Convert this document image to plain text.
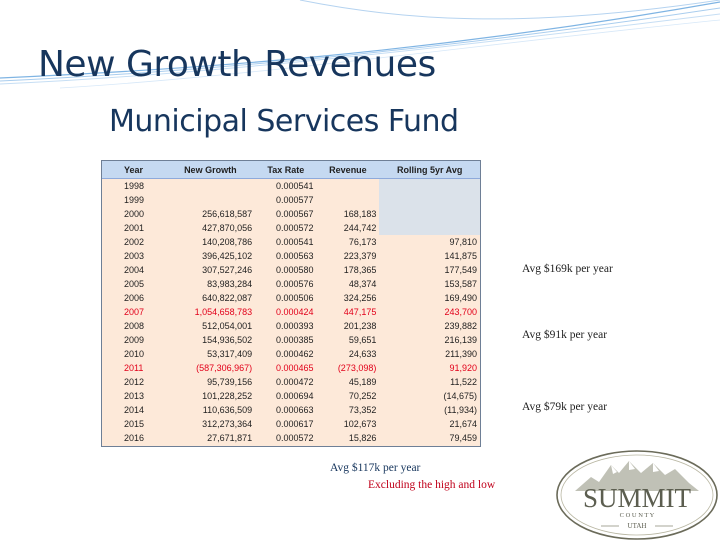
New Growth Revenues
Municipal Services Fund
Year	New Growth	Tax Rate	Revenue	Rolling 5yr Avg
1998		0.000541		
1999		0.000577		
2000	256,618,587	0.000567	168,183	
2001	427,870,056	0.000572	244,742	
2002	140,208,786	0.000541	76,173	97,810
2003	396,425,102	0.000563	223,379	141,875
2004	307,527,246	0.000580	178,365	177,549
2005	83,983,284	0.000576	48,374	153,587
2006	640,822,087	0.000506	324,256	169,490
2007	1,054,658,783	0.000424	447,175	243,700
2008	512,054,001	0.000393	201,238	239,882
2009	154,936,502	0.000385	59,651	216,139
2010	53,317,409	0.000462	24,633	211,390
2011	(587,306,967)	0.000465	(273,098)	91,920
2012	95,739,156	0.000472	45,189	11,522
2013	101,228,252	0.000694	70,252	(14,675)
2014	110,636,509	0.000663	73,352	(11,934)
2015	312,273,364	0.000617	102,673	21,674
2016	27,671,871	0.000572	15,826	79,459
Avg $169k per year
Avg $91k per year
Avg $79k per year
Avg $117k per year
Excluding the high and low	SUMMIT
C O U N T Y
UTAH
